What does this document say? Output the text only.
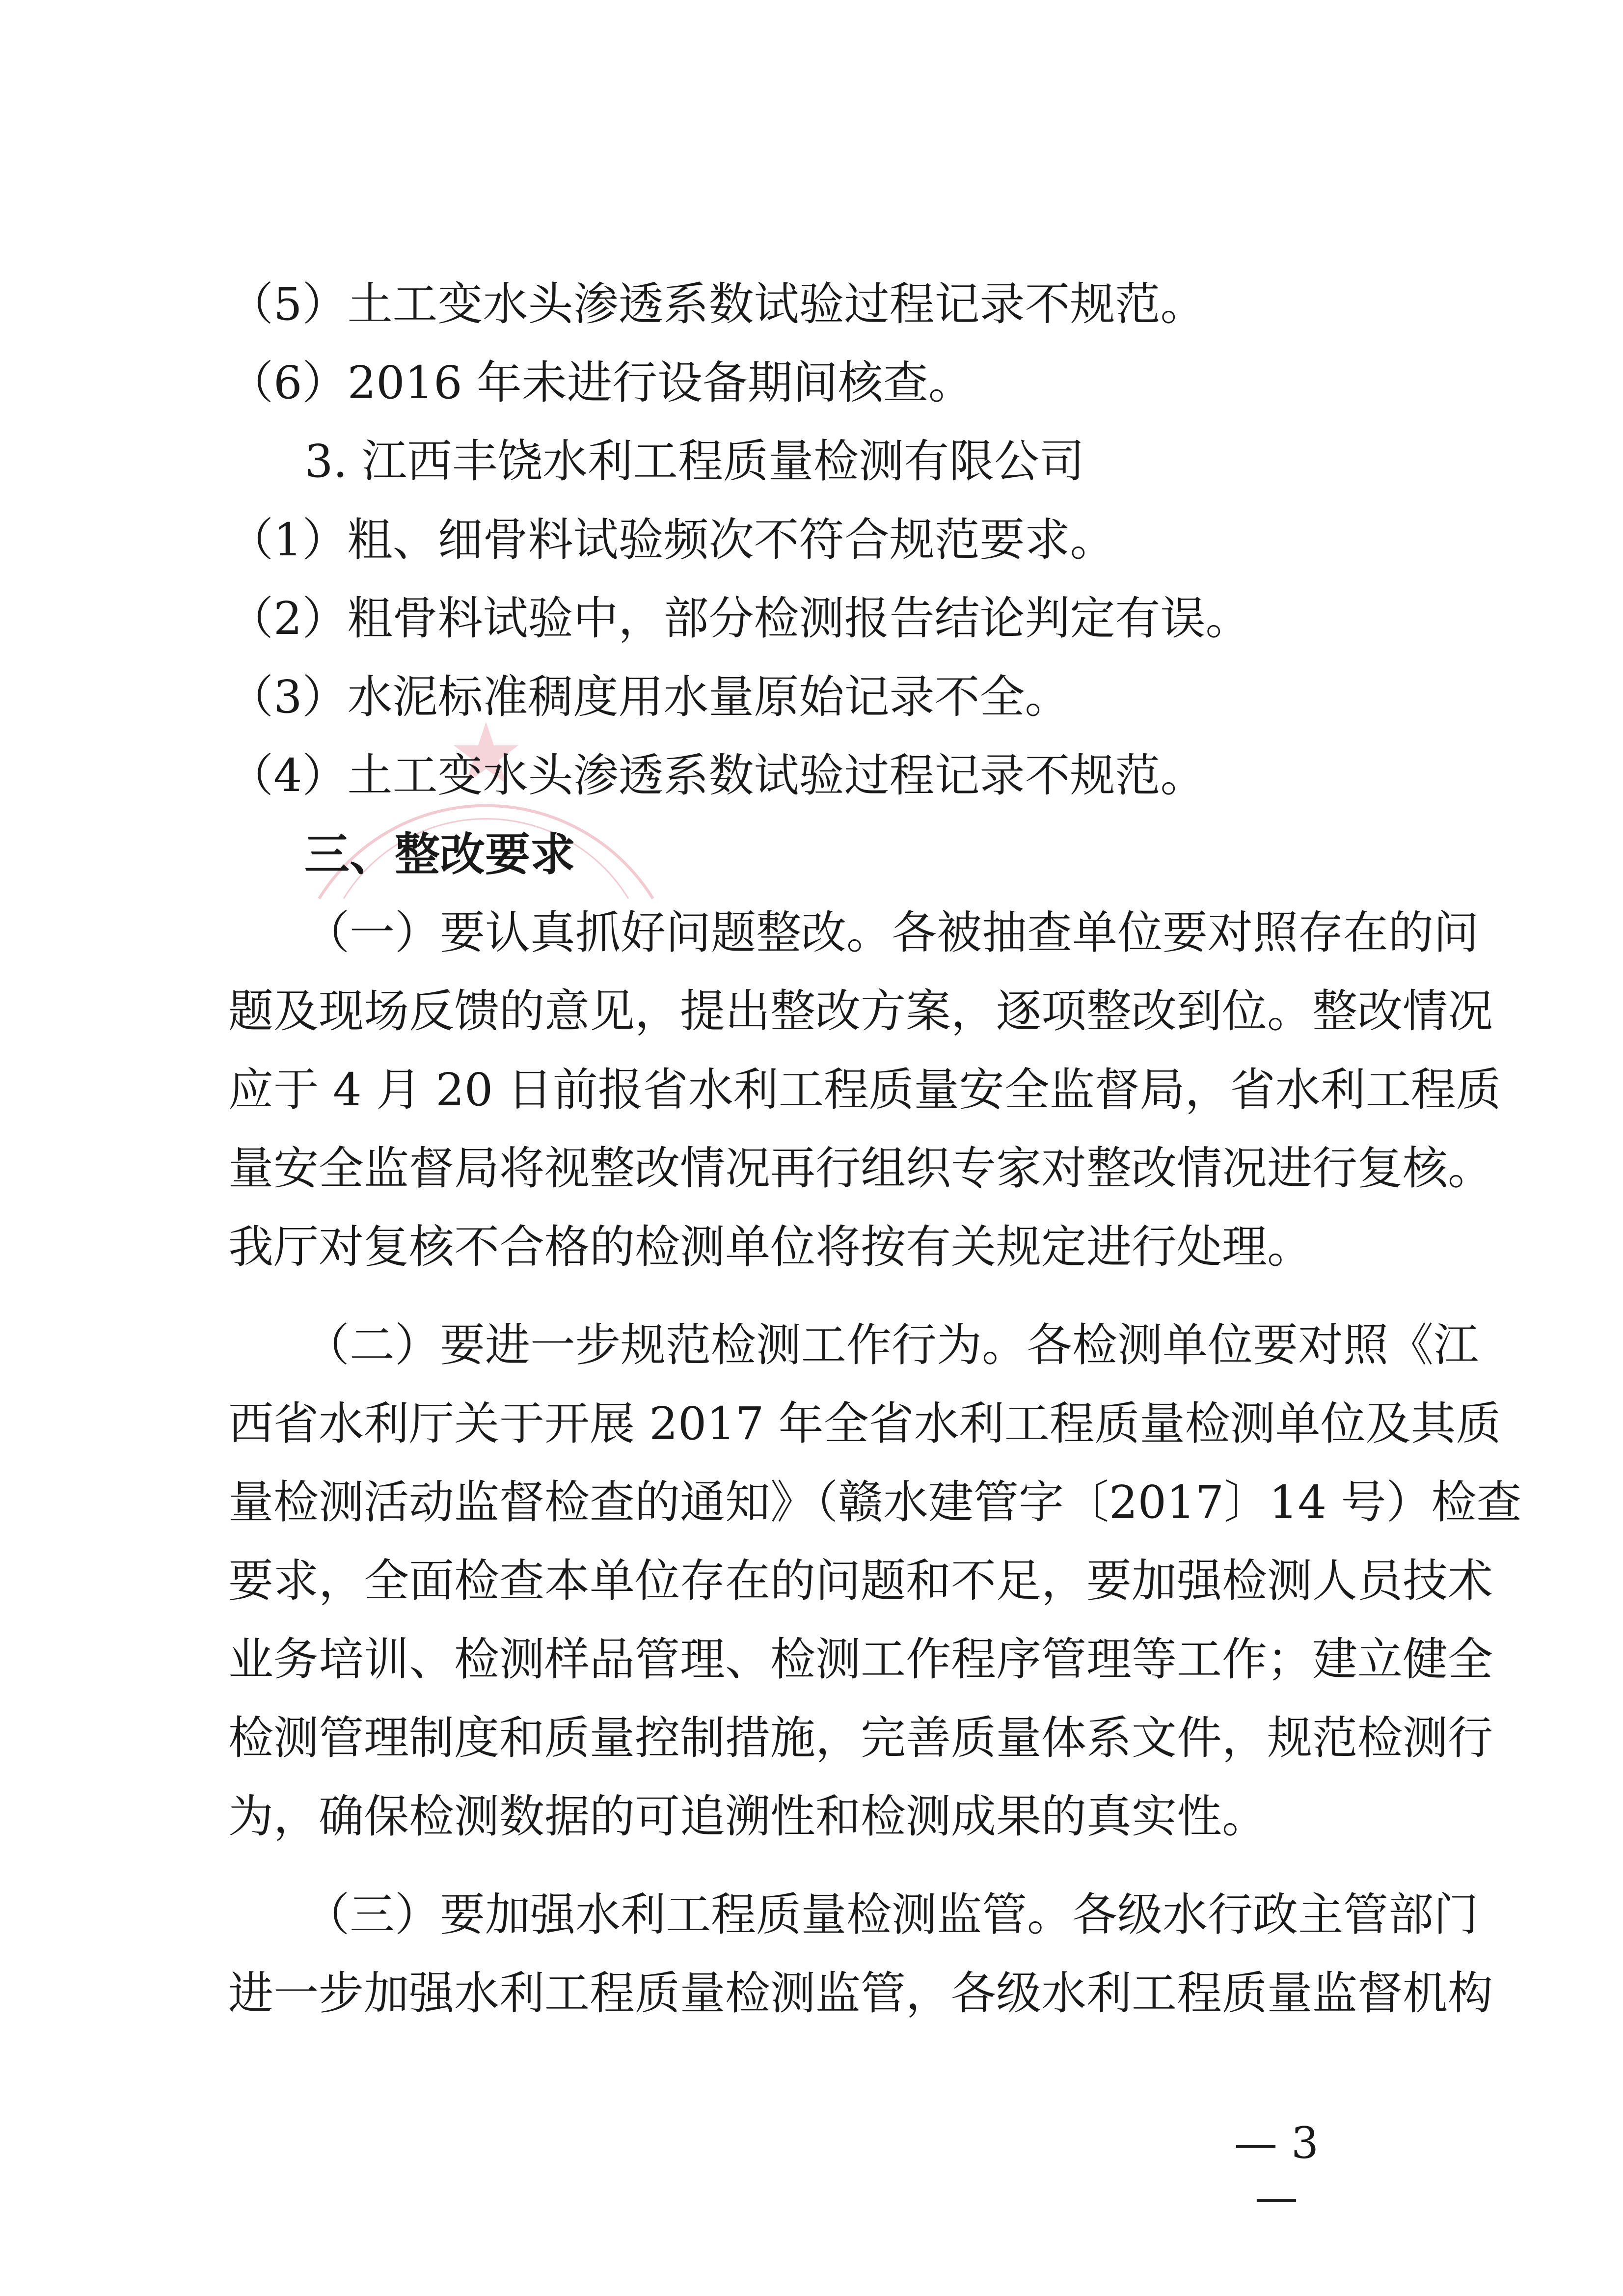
（5）土工变水头渗透系数试验过程记录不规范。
（6）2016 年未进行设备期间核查。
3. 江西丰饶水利工程质量检测有限公司
（1）粗、细骨料试验频次不符合规范要求。
（2）粗骨料试验中，部分检测报告结论判定有误。
（3）水泥标准稠度用水量原始记录不全。
（4）土工变水头渗透系数试验过程记录不规范。
三、整改要求
（一）要认真抓好问题整改。各被抽查单位要对照存在的问
题及现场反馈的意见，提出整改方案，逐项整改到位。整改情况
应于 4 月 20 日前报省水利工程质量安全监督局，省水利工程质
量安全监督局将视整改情况再行组织专家对整改情况进行复核。
我厅对复核不合格的检测单位将按有关规定进行处理。
（二）要进一步规范检测工作行为。各检测单位要对照《江
西省水利厅关于开展 2017 年全省水利工程质量检测单位及其质
量检测活动监督检查的通知》（赣水建管字〔2017〕14 号）检查
要求，全面检查本单位存在的问题和不足，要加强检测人员技术
业务培训、检测样品管理、检测工作程序管理等工作；建立健全
检测管理制度和质量控制措施，完善质量体系文件，规范检测行
为，确保检测数据的可追溯性和检测成果的真实性。
（三）要加强水利工程质量检测监管。各级水行政主管部门
进一步加强水利工程质量检测监管，各级水利工程质量监督机构
— 3 —
